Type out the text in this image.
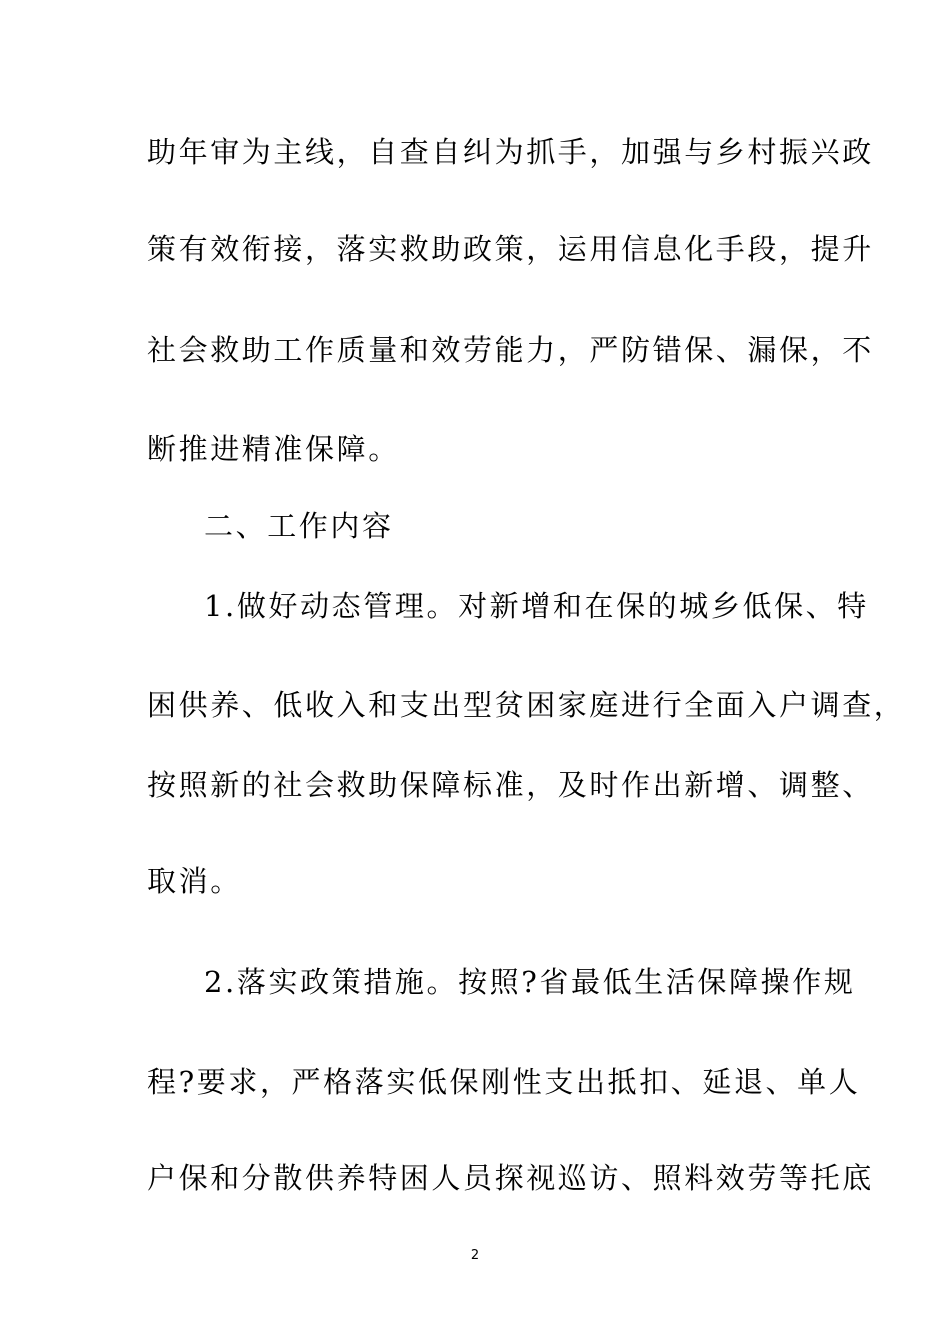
助年审为主线，自查自纠为抓手，加强与乡村振兴政
策有效衔接，落实救助政策，运用信息化手段，提升
社会救助工作质量和效劳能力，严防错保、漏保，不
断推进精准保障。
二、工作内容
1.做好动态管理。对新增和在保的城乡低保、特
困供养、低收入和支出型贫困家庭进行全面入户调查，
按照新的社会救助保障标准，及时作出新增、调整、
取消。
2.落实政策措施。按照?省最低生活保障操作规
程?要求，严格落实低保刚性支出抵扣、延退、单人
户保和分散供养特困人员探视巡访、照料效劳等托底
2
